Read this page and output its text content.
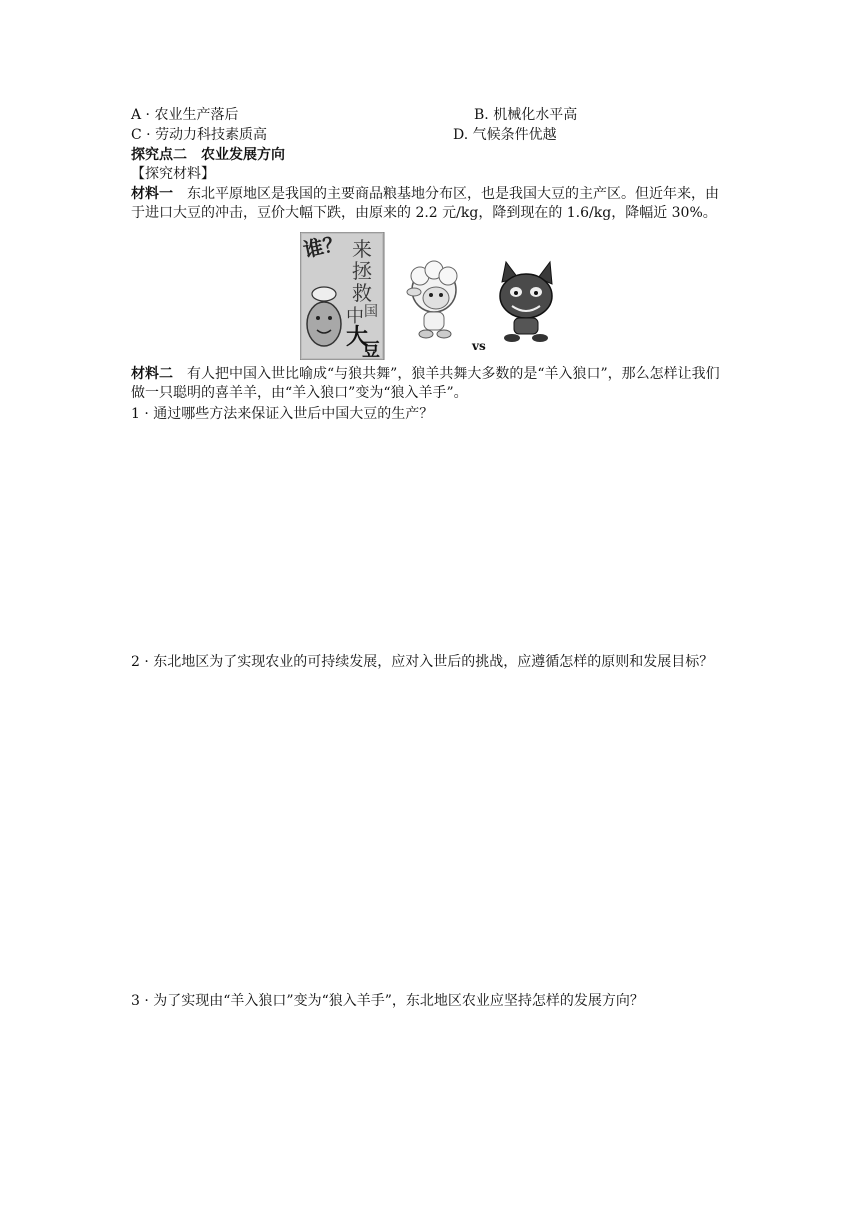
A · 农业生产落后	B. 机械化水平高
C · 劳动力科技素质高	D. 气候条件优越
探究点二　农业发展方向
【探究材料】
材料一　东北平原地区是我国的主要商品粮基地分布区，也是我国大豆的主产区。但近年来，由于进口大豆的冲击，豆价大幅下跌，由原来的 2.2 元/kg，降到现在的 1.6/kg，降幅近 30%。
谁？ 来
拯
救
中 国
大
豆	vs
材料二　有人把中国入世比喻成“与狼共舞”，狼羊共舞大多数的是“羊入狼口”，那么怎样让我们做一只聪明的喜羊羊，由“羊入狼口”变为“狼入羊手”。
1 · 通过哪些方法来保证入世后中国大豆的生产？
2 · 东北地区为了实现农业的可持续发展，应对入世后的挑战，应遵循怎样的原则和发展目标？
3 · 为了实现由“羊入狼口”变为“狼入羊手”，东北地区农业应坚持怎样的发展方向？
